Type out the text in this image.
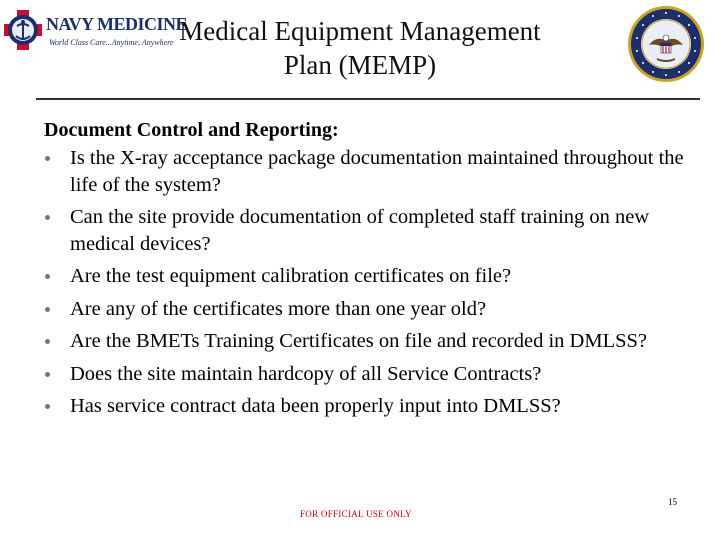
NAVY MEDICINE
World Class Care...Anytime, Anywhere Medical Equipment Management
Plan (MEMP)
Document Control and Reporting:
Is the X-ray acceptance package documentation maintained throughout the life of the system?
Can the site provide documentation of completed staff training on new medical devices?
Are the test equipment calibration certificates on file?
Are any of the certificates more than one year old?
Are the BMETs Training Certificates on file and recorded in DMLSS?
Does the site maintain hardcopy of all Service Contracts?
Has service contract data been properly input into DMLSS?
15
FOR OFFICIAL USE ONLY
